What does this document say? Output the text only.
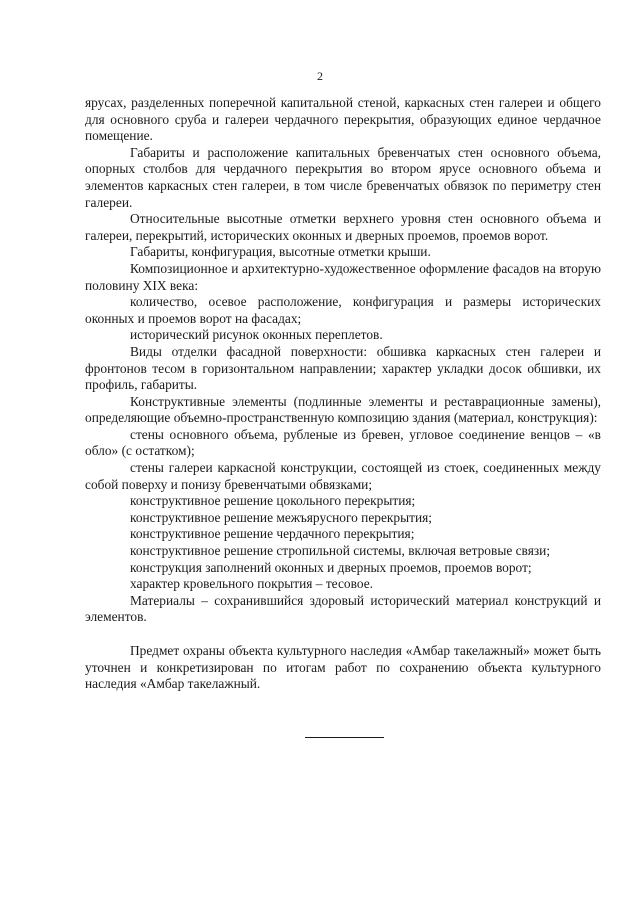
2

ярусах, разделенных поперечной капитальной стеной, каркасных стен галереи и общего для основного сруба и галереи чердачного перекрытия, образующих единое чердачное помещение.

Габариты и расположение капитальных бревенчатых стен основного объема, опорных столбов для чердачного перекрытия во втором ярусе основного объема и элементов каркасных стен галереи, в том числе бревенчатых обвязок по периметру стен галереи.

Относительные высотные отметки верхнего уровня стен основного объема и галереи, перекрытий, исторических оконных и дверных проемов, проемов ворот.

Габариты, конфигурация, высотные отметки крыши.

Композиционное и архитектурно-художественное оформление фасадов на вторую половину XIX века:

количество, осевое расположение, конфигурация и размеры исторических оконных и проемов ворот на фасадах;

исторический рисунок оконных переплетов.

Виды отделки фасадной поверхности: обшивка каркасных стен галереи и фронтонов тесом в горизонтальном направлении; характер укладки досок обшивки, их профиль, габариты.

Конструктивные элементы (подлинные элементы и реставрационные замены), определяющие объемно-пространственную композицию здания (материал, конструкция):

стены основного объема, рубленые из бревен, угловое соединение венцов – «в обло» (с остатком);

стены галереи каркасной конструкции, состоящей из стоек, соединенных между собой поверху и понизу бревенчатыми обвязками;

конструктивное решение цокольного перекрытия;

конструктивное решение межъярусного перекрытия;

конструктивное решение чердачного перекрытия;

конструктивное решение стропильной системы, включая ветровые связи;

конструкция заполнений оконных и дверных проемов, проемов ворот;

характер кровельного покрытия – тесовое.

Материалы – сохранившийся здоровый исторический материал конструкций и элементов.

Предмет охраны объекта культурного наследия «Амбар такелажный» может быть уточнен и конкретизирован по итогам работ по сохранению объекта культурного наследия «Амбар такелажный.
